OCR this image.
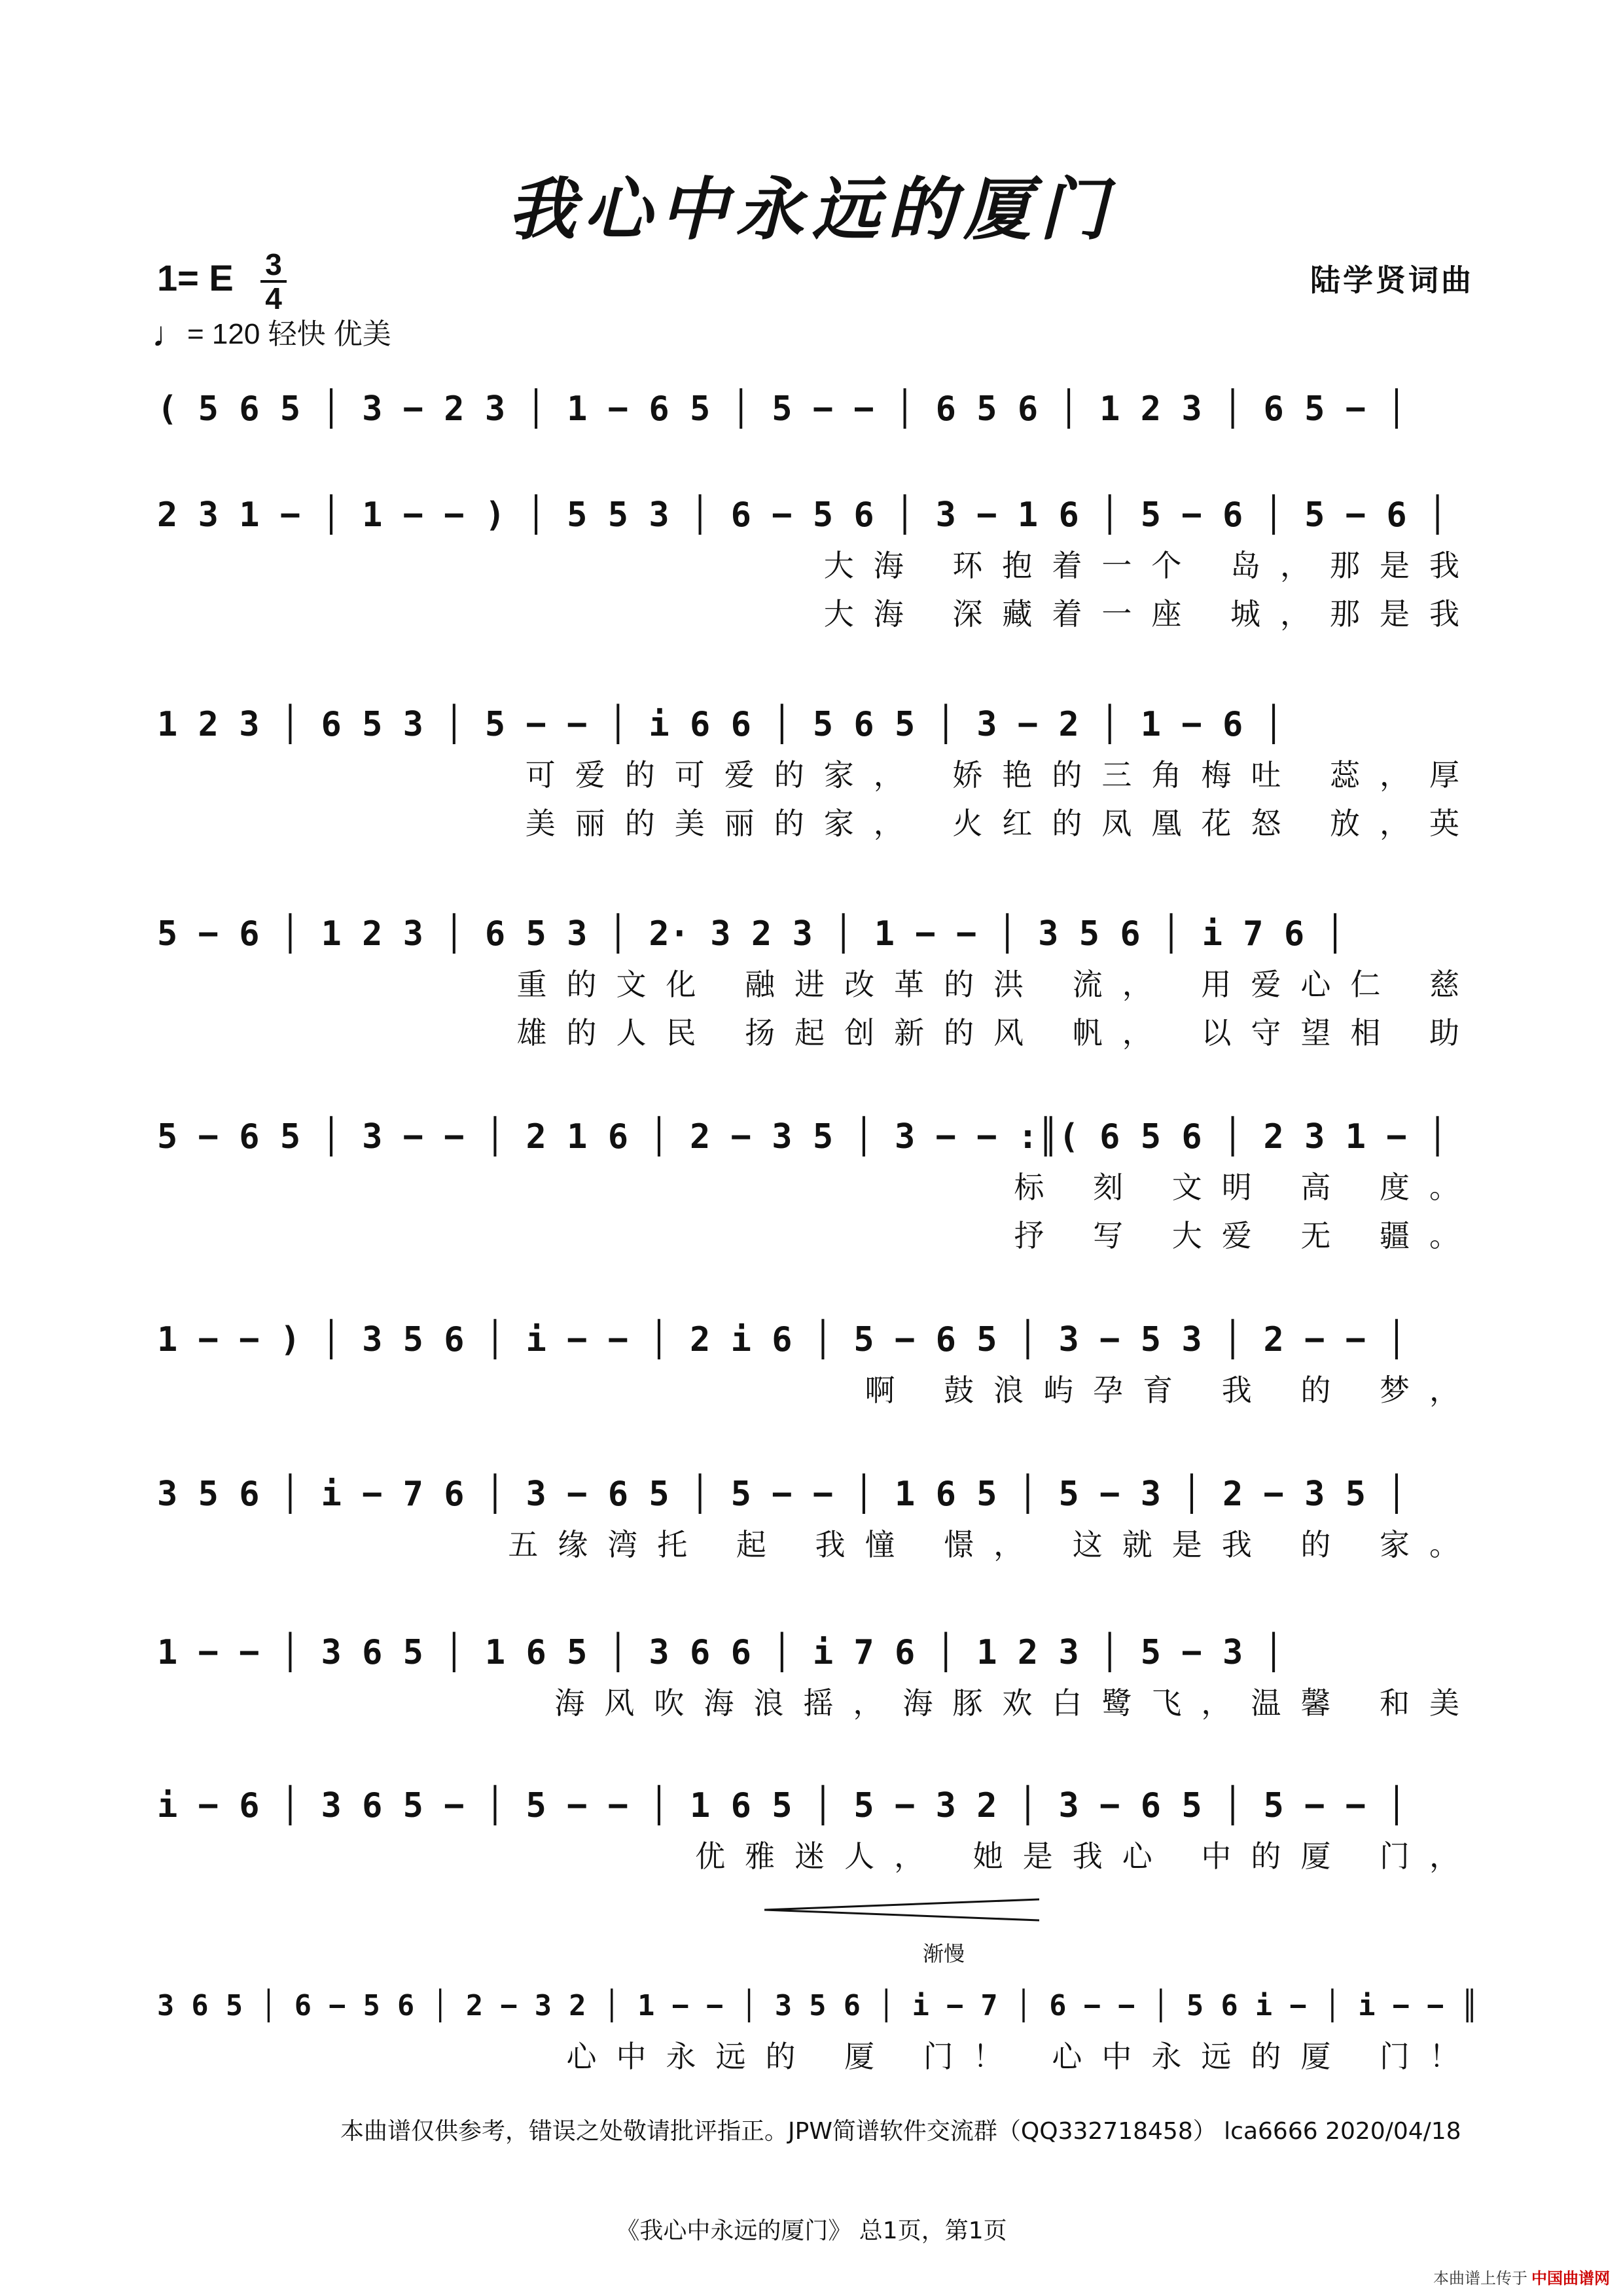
我心中永远的厦门
1= E 3
4
♩= 120 轻快 优美
陆学贤词曲
( 5 6 5 │ 3 − 2 3 │ 1 − 6 5 │ 5 − − │ 6 5 6 │ 1 2 3 │ 6 5 − │
2 3 1 − │ 1 − − ) │ 5 5 3 │ 6 − 5 6 │ 3 − 1 6 │ 5 − 6 │ 5 − 6 │
大海 环抱着一个 岛，那是我
大海 深藏着一座 城，那是我
1 2 3 │ 6 5 3 │ 5 − − │ i 6 6 │ 5 6 5 │ 3 − 2 │ 1 − 6 │
可爱的可爱的家， 娇艳的三角梅吐 蕊，厚
美丽的美丽的家， 火红的凤凰花怒 放，英
5 − 6 │ 1 2 3 │ 6 5 3 │ 2· 3 2 3 │ 1 − − │ 3 5 6 │ i 7 6 │
重的文化 融进改革的洪 流， 用爱心仁 慈
雄的人民 扬起创新的风 帆， 以守望相 助
5 − 6 5 │ 3 − − │ 2 1 6 │ 2 − 3 5 │ 3 − − :║( 6 5 6 │ 2 3 1 − │
标 刻 文明 高 度。
抒 写 大爱 无 疆。
1 − − ) │ 3 5 6 │ i − − │ 2 i 6 │ 5 − 6 5 │ 3 − 5 3 │ 2 − − │
啊 鼓浪屿孕育 我 的 梦，
3 5 6 │ i − 7 6 │ 3 − 6 5 │ 5 − − │ 1 6 5 │ 5 − 3 │ 2 − 3 5 │
五缘湾托 起 我憧 憬， 这就是我 的 家。
1 − − │ 3 6 5 │ 1 6 5 │ 3 6 6 │ i 7 6 │ 1 2 3 │ 5 − 3 │
海风吹海浪摇，海豚欢白鹭飞，温馨 和美
i − 6 │ 3 6 5 − │ 5 − − │ 1 6 5 │ 5 − 3 2 │ 3 − 6 5 │ 5 − − │
优雅迷人， 她是我心 中的厦 门，
3 6 5 │ 6 − 5 6 │ 2 − 3 2 │ 1 − − │ 3 5 6 │ i − 7 │ 6 − − │ 5 6 i − │ i − − ║
心中永远的 厦 门！ 心中永远的厦 门！
渐慢
本曲谱仅供参考，错误之处敬请批评指正。JPW简谱软件交流群（QQ332718458） lca6666 2020/04/18
《我心中永远的厦门》 总1页，第1页
本曲谱上传于 中国曲谱网
